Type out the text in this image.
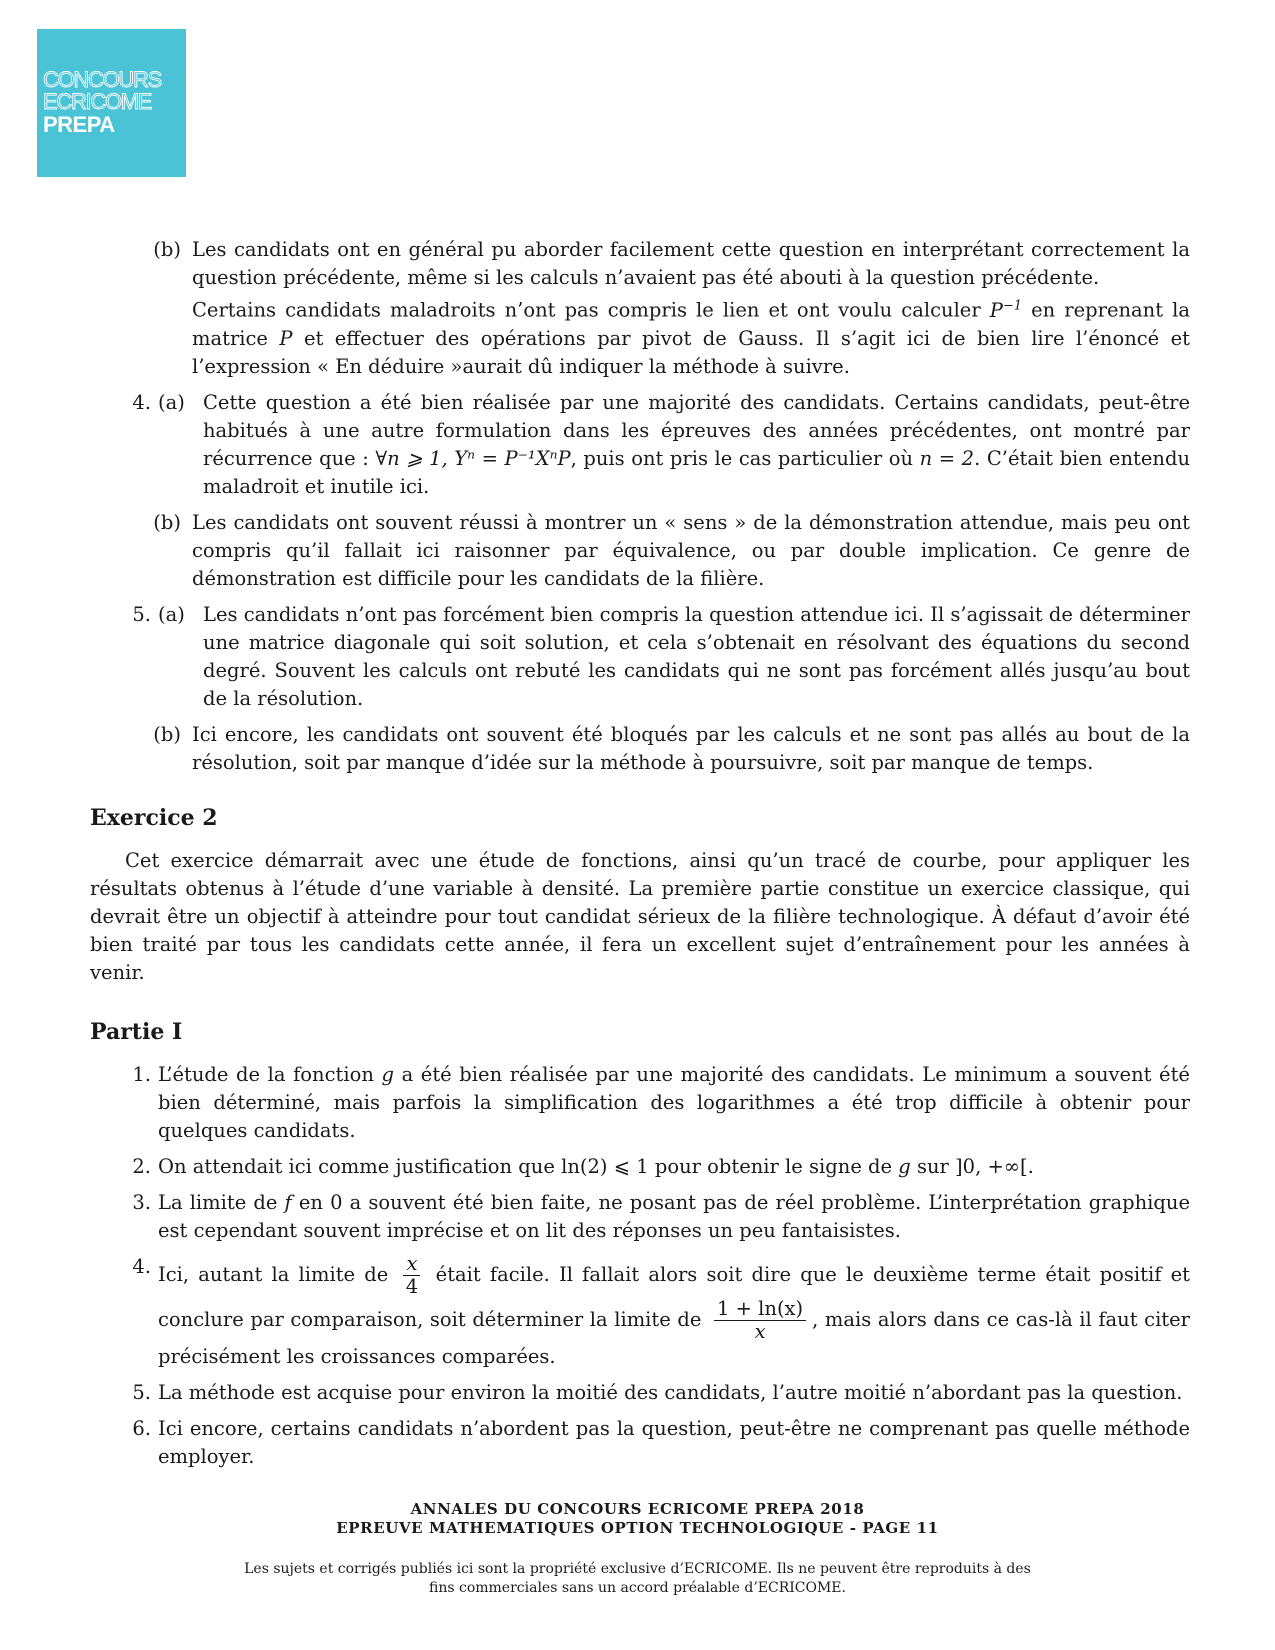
CONCOURS
ECRICOME
PREPA
(b) Les candidats ont en général pu aborder facilement cette question en interprétant correctement la question précédente, même si les calculs n’avaient pas été abouti à la question précédente.
Certains candidats maladroits n’ont pas compris le lien et ont voulu calculer $P^{-1}$ en reprenant la matrice P et effectuer des opérations par pivot de Gauss. Il s’agit ici de bien lire l’énoncé et l’expression « En déduire »aurait dû indiquer la méthode à suivre.
4. (a) Cette question a été bien réalisée par une majorité des candidats. Certains candidats, peut-être habitués à une autre formulation dans les épreuves des années précédentes, ont montré par récurrence que : ∀n ⩾ 1, Yⁿ = P⁻¹XⁿP, puis ont pris le cas particulier où n = 2. C’était bien entendu maladroit et inutile ici.
(b) Les candidats ont souvent réussi à montrer un « sens » de la démonstration attendue, mais peu ont compris qu’il fallait ici raisonner par équivalence, ou par double implication. Ce genre de démonstration est difficile pour les candidats de la filière.
5. (a) Les candidats n’ont pas forcément bien compris la question attendue ici. Il s’agissait de déterminer une matrice diagonale qui soit solution, et cela s’obtenait en résolvant des équations du second degré. Souvent les calculs ont rebuté les candidats qui ne sont pas forcément allés jusqu’au bout de la résolution.
(b) Ici encore, les candidats ont souvent été bloqués par les calculs et ne sont pas allés au bout de la résolution, soit par manque d’idée sur la méthode à poursuivre, soit par manque de temps.
Exercice 2

Cet exercice démarrait avec une étude de fonctions, ainsi qu’un tracé de courbe, pour appliquer les résultats obtenus à l’étude d’une variable à densité. La première partie constitue un exercice classique, qui devrait être un objectif à atteindre pour tout candidat sérieux de la filière technologique. À défaut d’avoir été bien traité par tous les candidats cette année, il fera un excellent sujet d’entraînement pour les années à venir.

Partie I
1. L’étude de la fonction g a été bien réalisée par une majorité des candidats. Le minimum a souvent été bien déterminé, mais parfois la simplification des logarithmes a été trop difficile à obtenir pour quelques candidats.
2. On attendait ici comme justification que ln(2) ⩽ 1 pour obtenir le signe de g sur ]0, +∞[.
3. La limite de f en 0 a souvent été bien faite, ne posant pas de réel problème. L’interprétation graphique est cependant souvent imprécise et on lit des réponses un peu fantaisistes.
4. Ici, autant la limite de $\frac{x}{4}$ était facile. Il fallait alors soit dire que le deuxième terme était positif et conclure par comparaison, soit déterminer la limite de $\frac{1 + \ln(x)}{x}$ , mais alors dans ce cas-là il faut citer précisément les croissances comparées.
5. La méthode est acquise pour environ la moitié des candidats, l’autre moitié n’abordant pas la question.
6. Ici encore, certains candidats n’abordent pas la question, peut-être ne comprenant pas quelle méthode employer.
ANNALES DU CONCOURS ECRICOME PREPA 2018
EPREUVE MATHEMATIQUES OPTION TECHNOLOGIQUE - PAGE 11
Les sujets et corrigés publiés ici sont la propriété exclusive d’ECRICOME. Ils ne peuvent être reproduits à des
fins commerciales sans un accord préalable d’ECRICOME.
